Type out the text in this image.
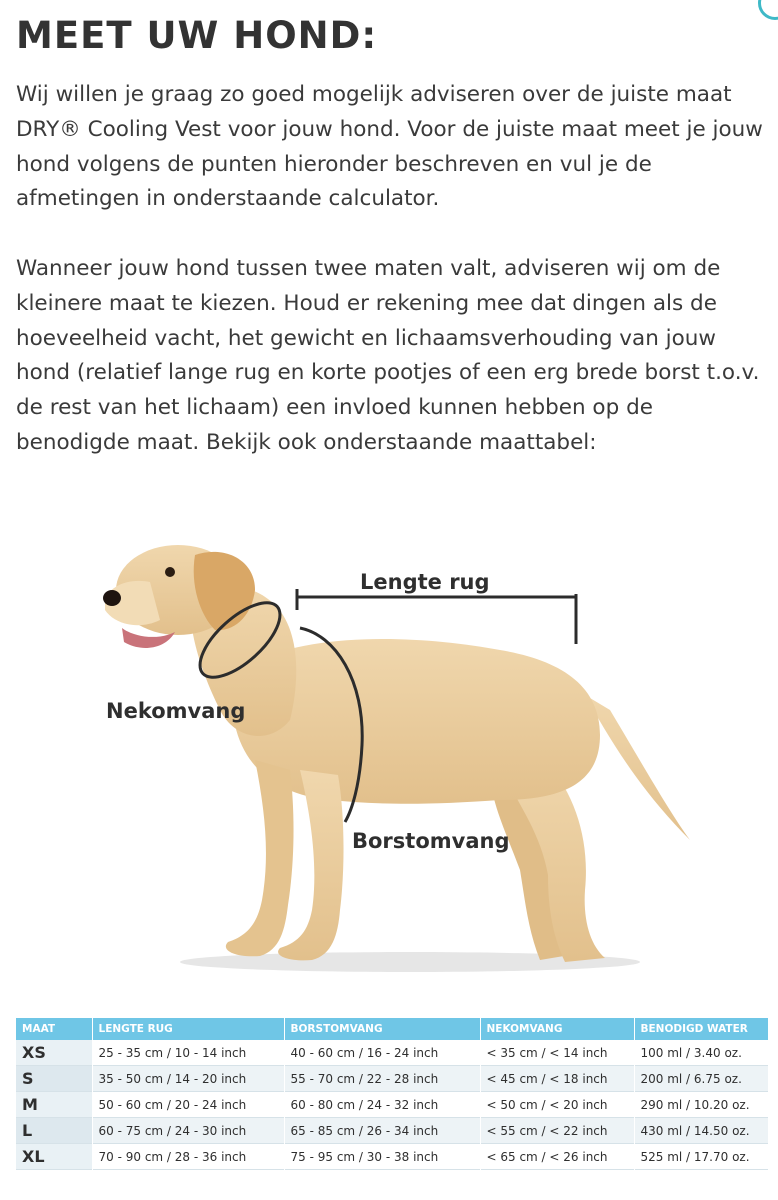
MEET UW HOND:

Wij willen je graag zo goed mogelijk adviseren over de juiste maat DRY® Cooling Vest voor jouw hond. Voor de juiste maat meet je jouw hond volgens de punten hieronder beschreven en vul je de afmetingen in onderstaande calculator.

Wanneer jouw hond tussen twee maten valt, adviseren wij om de kleinere maat te kiezen. Houd er rekening mee dat dingen als de hoeveelheid vacht, het gewicht en lichaamsverhouding van jouw hond (relatief lange rug en korte pootjes of een erg brede borst t.o.v. de rest van het lichaam) een invloed kunnen hebben op de benodigde maat. Bekijk ook onderstaande maattabel:

Lengte rug

Nekomvang

Borstomvang

MAAT	LENGTE RUG	BORSTOMVANG	NEKOMVANG	BENODIGD WATER
XS	25 - 35 cm / 10 - 14 inch	40 - 60 cm / 16 - 24 inch	< 35 cm / < 14 inch	100 ml / 3.40 oz.
S	35 - 50 cm / 14 - 20 inch	55 - 70 cm / 22 - 28 inch	< 45 cm / < 18 inch	200 ml / 6.75 oz.
M	50 - 60 cm / 20 - 24 inch	60 - 80 cm / 24 - 32 inch	< 50 cm / < 20 inch	290 ml / 10.20 oz.
L	60 - 75 cm / 24 - 30 inch	65 - 85 cm / 26 - 34 inch	< 55 cm / < 22 inch	430 ml / 14.50 oz.
XL	70 - 90 cm / 28 - 36 inch	75 - 95 cm / 30 - 38 inch	< 65 cm / < 26 inch	525 ml / 17.70 oz.
